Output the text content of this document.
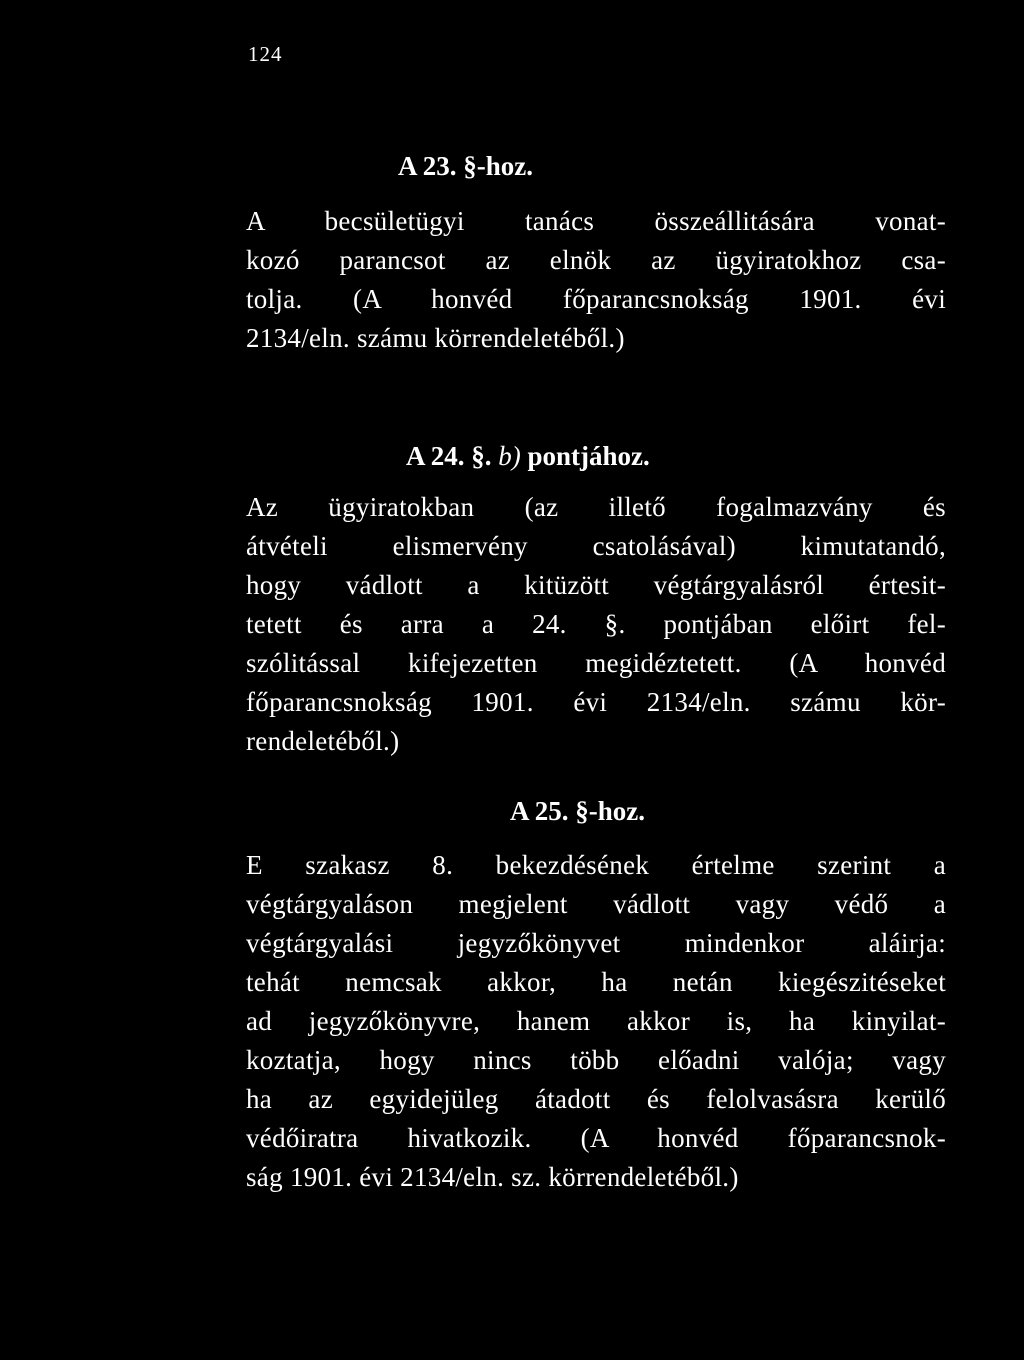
124
A 23. §-hoz.
A becsületügyi tanács összeállitására vonat-
kozó parancsot az elnök az ügyiratokhoz csa-
tolja. (A honvéd főparancsnokság 1901. évi
2134/eln. számu körrendeletéből.)
A 24. §. b) pontjához.
Az ügyiratokban (az illető fogalmazvány és
átvételi elismervény csatolásával) kimutatandó,
hogy vádlott a kitüzött végtárgyalásról értesit-
tetett és arra a 24. §. pontjában előirt fel-
szólitással kifejezetten megidéztetett. (A honvéd
főparancsnokság 1901. évi 2134/eln. számu kör-
rendeletéből.)
A 25. §-hoz.
E szakasz 8. bekezdésének értelme szerint a
végtárgyaláson megjelent vádlott vagy védő a
végtárgyalási jegyzőkönyvet mindenkor aláirja:
tehát nemcsak akkor, ha netán kiegészitéseket
ad jegyzőkönyvre, hanem akkor is, ha kinyilat-
koztatja, hogy nincs több előadni valója; vagy
ha az egyidejüleg átadott és felolvasásra kerülő
védőiratra hivatkozik. (A honvéd főparancsnok-
ság 1901. évi 2134/eln. sz. körrendeletéből.)
